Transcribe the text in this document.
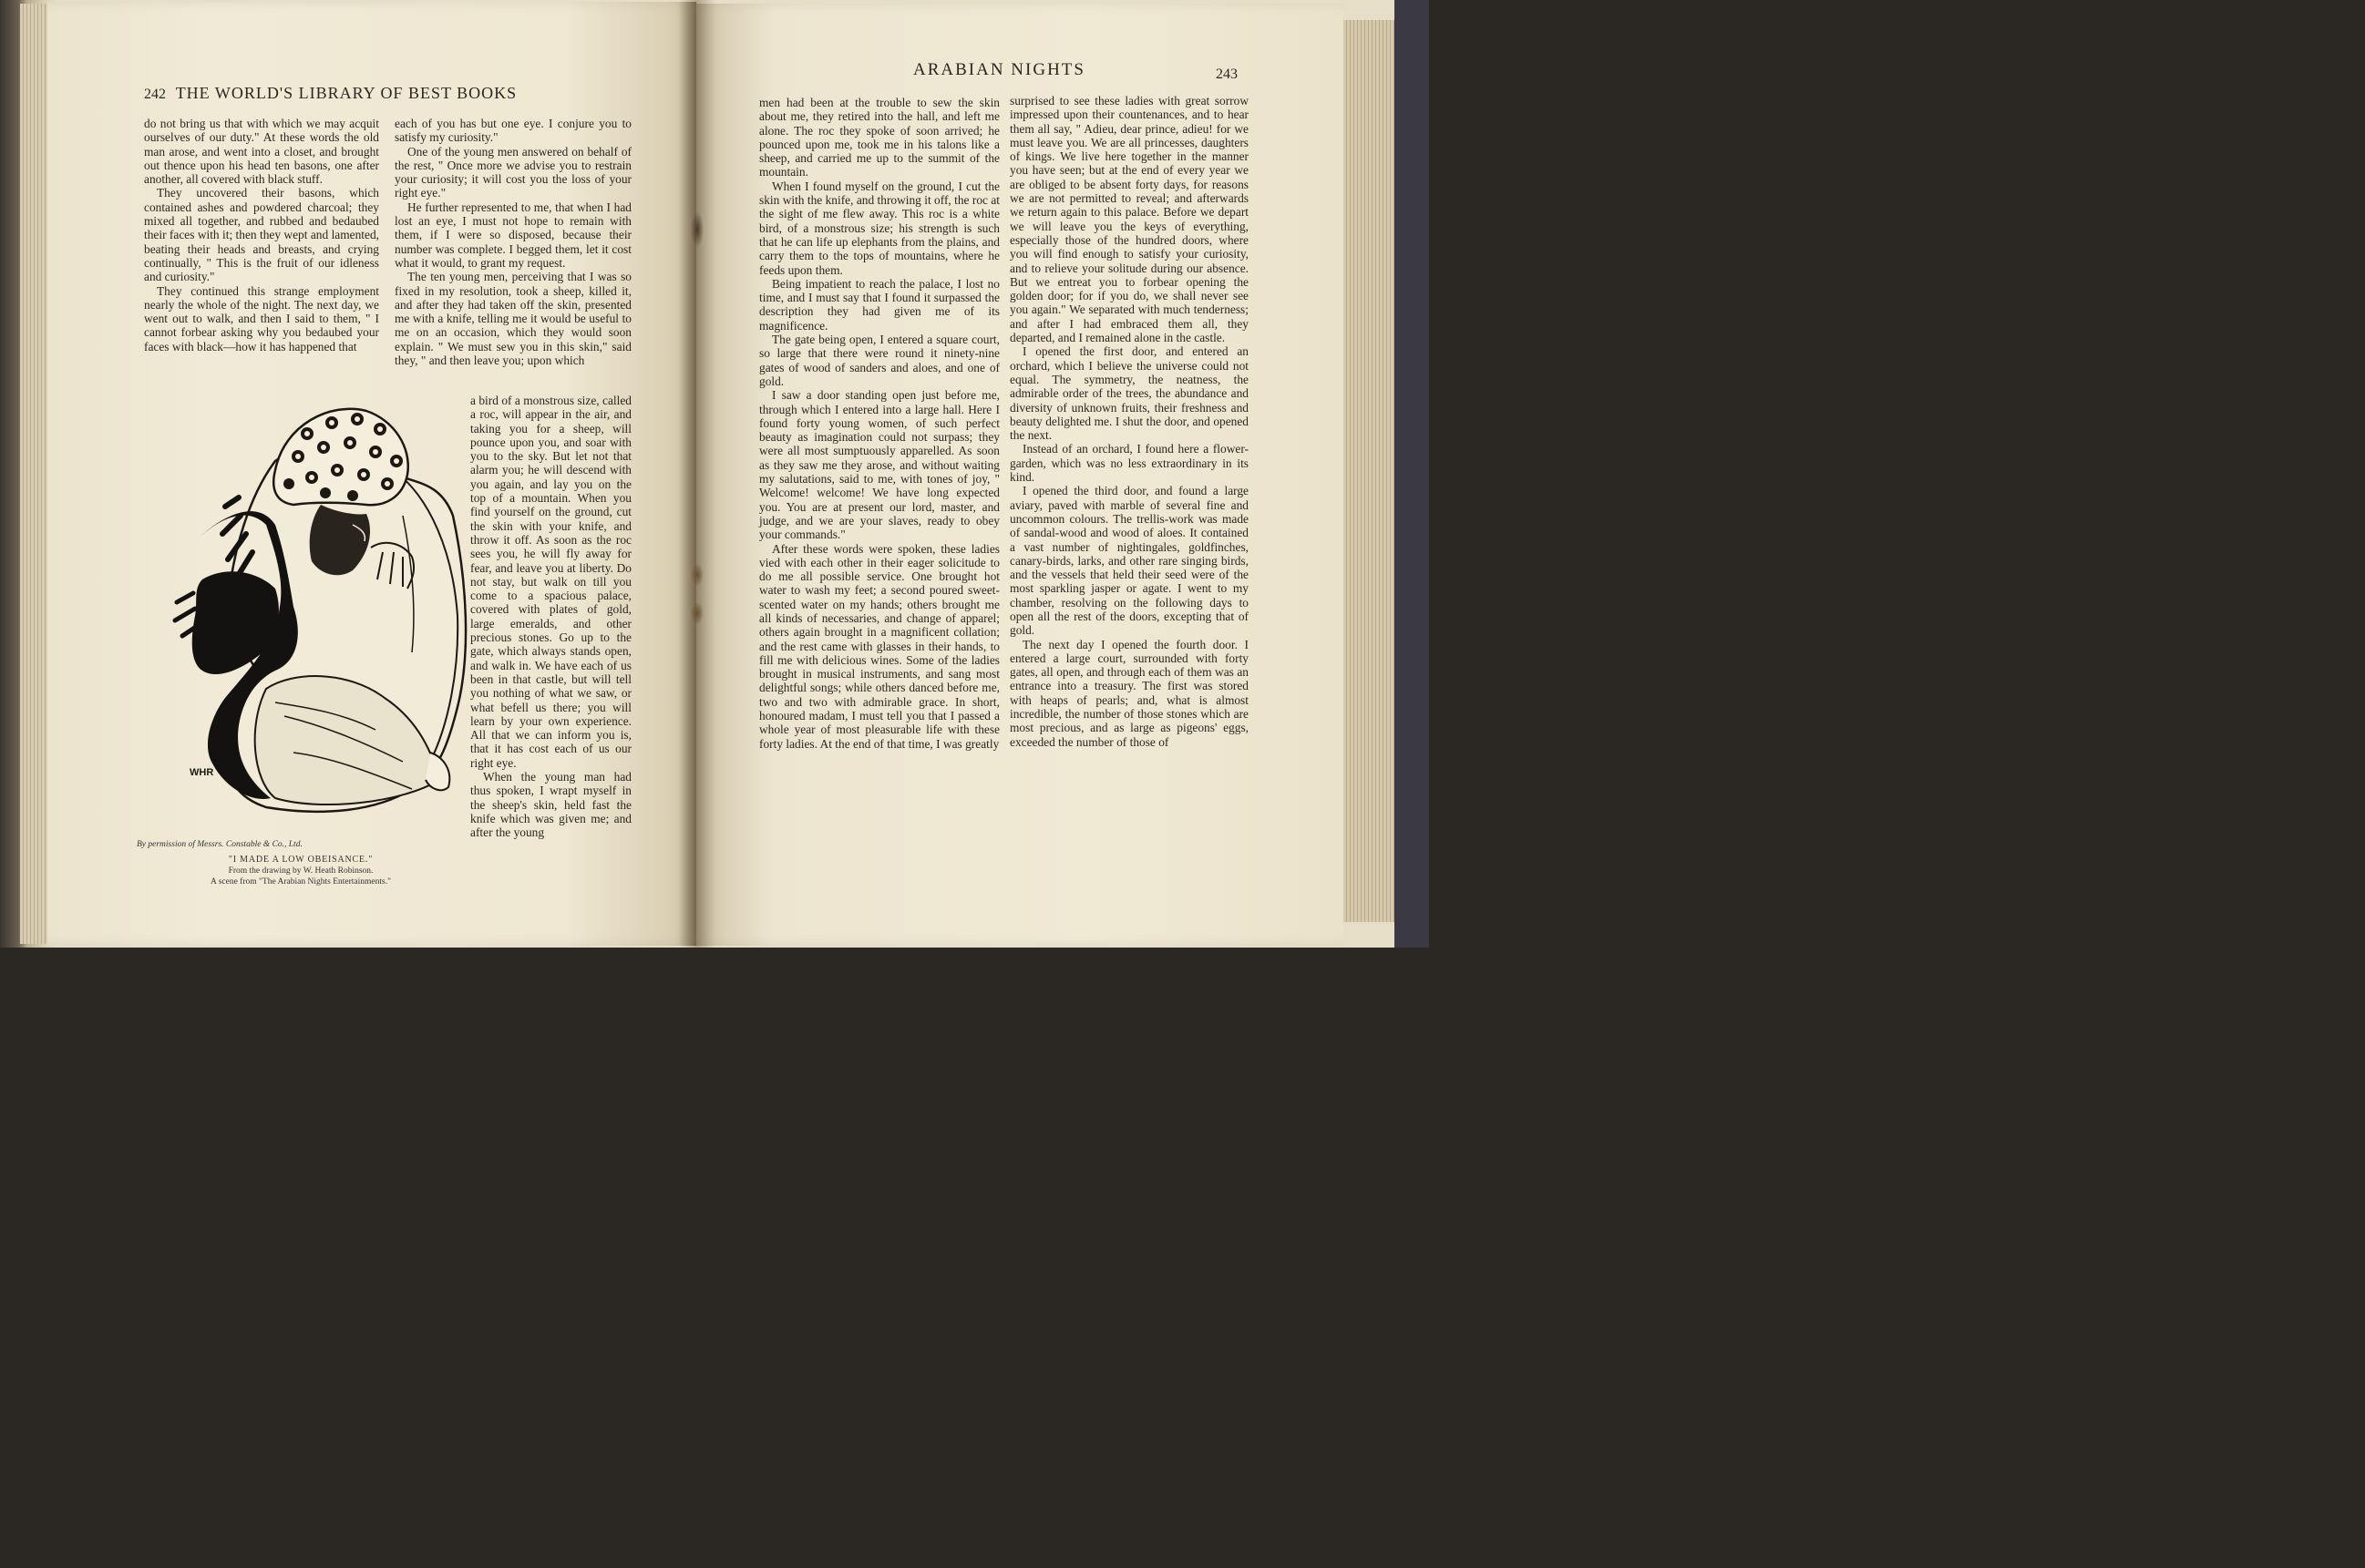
242 THE WORLD'S LIBRARY OF BEST BOOKS

do not bring us that with which we may acquit ourselves of our duty." At these words the old man arose, and went into a closet, and brought out thence upon his head ten basons, one after another, all covered with black stuff.

They uncovered their basons, which contained ashes and powdered charcoal; they mixed all together, and rubbed and bedaubed their faces with it; then they wept and lamented, beating their heads and breasts, and crying continually, " This is the fruit of our idleness and curiosity."

They continued this strange employment nearly the whole of the night. The next day, we went out to walk, and then I said to them, " I cannot forbear asking why you bedaubed your faces with black—how it has happened that

each of you has but one eye. I conjure you to satisfy my curiosity."

One of the young men answered on behalf of the rest, " Once more we advise you to restrain your curiosity; it will cost you the loss of your right eye."

He further represented to me, that when I had lost an eye, I must not hope to remain with them, if I were so disposed, because their number was complete. I begged them, let it cost what it would, to grant my request.

The ten young men, perceiving that I was so fixed in my resolution, took a sheep, killed it, and after they had taken off the skin, presented me with a knife, telling me it would be useful to me on an occasion, which they would soon explain. " We must sew you in this skin," said they, " and then leave you; upon which

a bird of a monstrous size, called a roc, will appear in the air, and taking you for a sheep, will pounce upon you, and soar with you to the sky. But let not that alarm you; he will descend with you again, and lay you on the top of a mountain. When you find yourself on the ground, cut the skin with your knife, and throw it off. As soon as the roc sees you, he will fly away for fear, and leave you at liberty. Do not stay, but walk on till you come to a spacious palace, covered with plates of gold, large emeralds, and other precious stones. Go up to the gate, which always stands open, and walk in. We have each of us been in that castle, but will tell you nothing of what we saw, or what befell us there; you will learn by your own experience. All that we can inform you is, that it has cost each of us our right eye.

When the young man had thus spoken, I wrapt myself in the sheep's skin, held fast the knife which was given me; and after the young

WHR
By permission of Messrs. Constable & Co., Ltd.
"I MADE A LOW OBEISANCE."
From the drawing by W. Heath Robinson.
A scene from "The Arabian Nights Entertainments."
ARABIAN NIGHTS	243

men had been at the trouble to sew the skin about me, they retired into the hall, and left me alone. The roc they spoke of soon arrived; he pounced upon me, took me in his talons like a sheep, and carried me up to the summit of the mountain.

When I found myself on the ground, I cut the skin with the knife, and throwing it off, the roc at the sight of me flew away. This roc is a white bird, of a monstrous size; his strength is such that he can life up elephants from the plains, and carry them to the tops of mountains, where he feeds upon them.

Being impatient to reach the palace, I lost no time, and I must say that I found it surpassed the description they had given me of its magnificence.

The gate being open, I entered a square court, so large that there were round it ninety-nine gates of wood of sanders and aloes, and one of gold.

I saw a door standing open just before me, through which I entered into a large hall. Here I found forty young women, of such perfect beauty as imagination could not surpass; they were all most sumptuously apparelled. As soon as they saw me they arose, and without waiting my salutations, said to me, with tones of joy, " Welcome! welcome! We have long expected you. You are at present our lord, master, and judge, and we are your slaves, ready to obey your commands."

After these words were spoken, these ladies vied with each other in their eager solicitude to do me all possible service. One brought hot water to wash my feet; a second poured sweet-scented water on my hands; others brought me all kinds of necessaries, and change of apparel; others again brought in a magnificent collation; and the rest came with glasses in their hands, to fill me with delicious wines. Some of the ladies brought in musical instruments, and sang most delightful songs; while others danced before me, two and two with admirable grace. In short, honoured madam, I must tell you that I passed a whole year of most pleasurable life with these forty ladies. At the end of that time, I was greatly

surprised to see these ladies with great sorrow impressed upon their countenances, and to hear them all say, " Adieu, dear prince, adieu! for we must leave you. We are all princesses, daughters of kings. We live here together in the manner you have seen; but at the end of every year we are obliged to be absent forty days, for reasons we are not permitted to reveal; and afterwards we return again to this palace. Before we depart we will leave you the keys of everything, especially those of the hundred doors, where you will find enough to satisfy your curiosity, and to relieve your solitude during our absence. But we entreat you to forbear opening the golden door; for if you do, we shall never see you again." We separated with much tenderness; and after I had embraced them all, they departed, and I remained alone in the castle.

I opened the first door, and entered an orchard, which I believe the universe could not equal. The symmetry, the neatness, the admirable order of the trees, the abundance and diversity of unknown fruits, their freshness and beauty delighted me. I shut the door, and opened the next.

Instead of an orchard, I found here a flower-garden, which was no less extraordinary in its kind.

I opened the third door, and found a large aviary, paved with marble of several fine and uncommon colours. The trellis-work was made of sandal-wood and wood of aloes. It contained a vast number of nightingales, goldfinches, canary-birds, larks, and other rare singing birds, and the vessels that held their seed were of the most sparkling jasper or agate. I went to my chamber, resolving on the following days to open all the rest of the doors, excepting that of gold.

The next day I opened the fourth door. I entered a large court, surrounded with forty gates, all open, and through each of them was an entrance into a treasury. The first was stored with heaps of pearls; and, what is almost incredible, the number of those stones which are most precious, and as large as pigeons' eggs, exceeded the number of those of
